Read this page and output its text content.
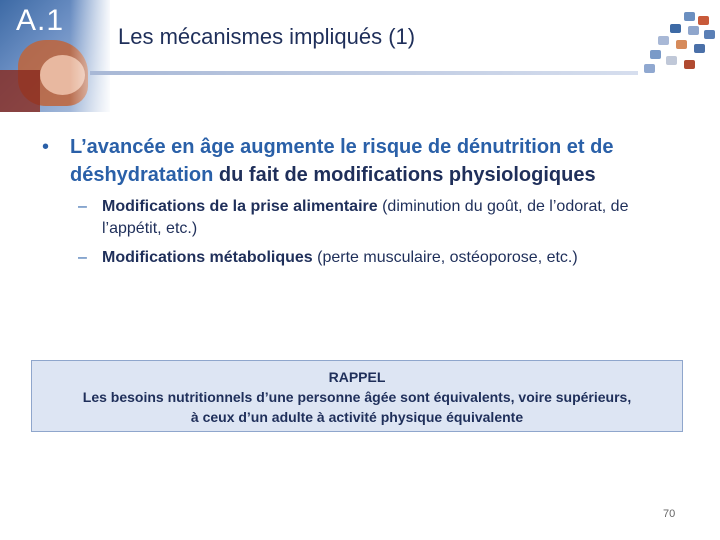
A.1 Les mécanismes impliqués (1)
•	L’avancée en âge augmente le risque de dénutrition et de déshydratation du fait de modifications physiologiques
– Modifications de la prise alimentaire (diminution du goût, de l’odorat, de l’appétit, etc.)
– Modifications métaboliques (perte musculaire, ostéoporose, etc.)
RAPPEL
Les besoins nutritionnels d’une personne âgée sont équivalents, voire supérieurs,
à ceux d’un adulte à activité physique équivalente
70
